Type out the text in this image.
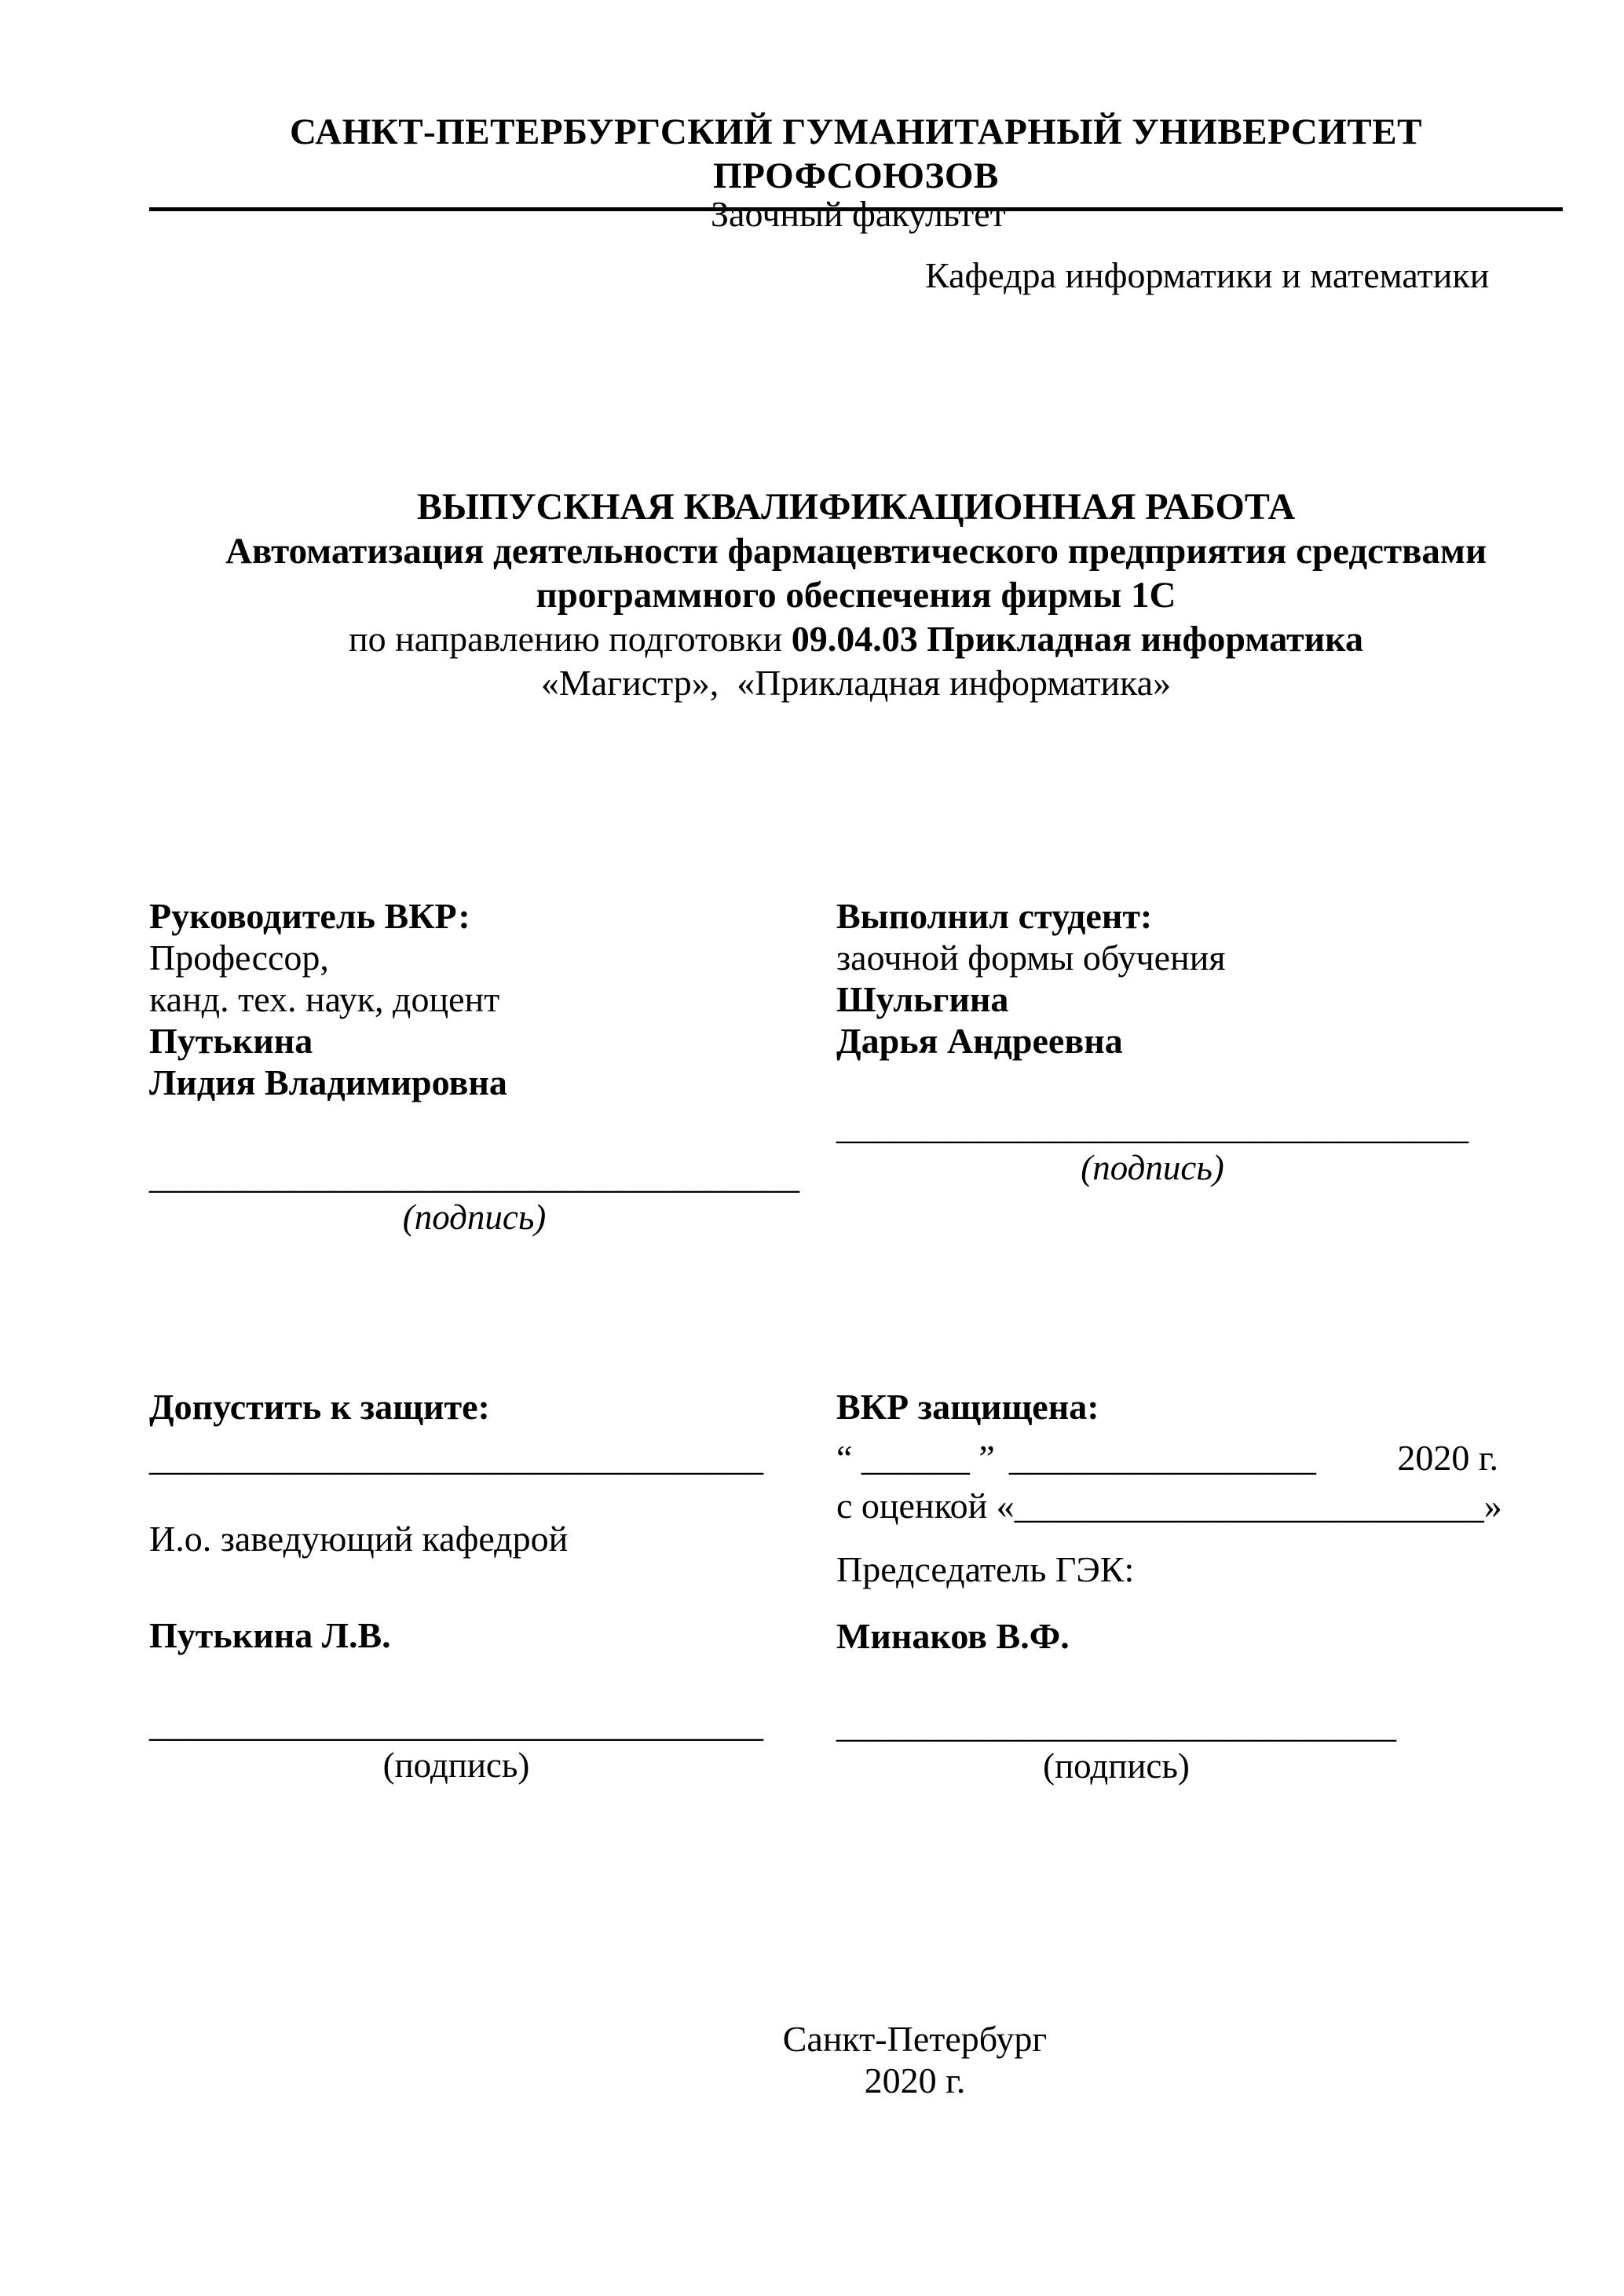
САНКТ-ПЕТЕРБУРГСКИЙ ГУМАНИТАРНЫЙ УНИВЕРСИТЕТ ПРОФСОЮЗОВ
Заочный факультет
Кафедра информатики и математики
ВЫПУСКНАЯ КВАЛИФИКАЦИОННАЯ РАБОТА
Автоматизация деятельности фармацевтического предприятия средствами
программного обеспечения фирмы 1С
по направлению подготовки 09.04.03 Прикладная информатика
«Магистр»,  «Прикладная информатика»
Руководитель ВКР:
Профессор,
канд. тех. наук, доцент
Путькина
Лидия Владимировна
____________________________________
(подпись)
Выполнил студент:
заочной формы обучения
Шульгина
Дарья Андреевна
___________________________________
(подпись)
Допустить к защите:
__________________________________
И.о. заведующий кафедрой
Путькина Л.В.
__________________________________
(подпись)
ВКР защищена:
“ ______ ” _________________ 2020 г.
с оценкой «__________________________»
Председатель ГЭК:
Минаков В.Ф.
_______________________________
(подпись)
Санкт-Петербург
2020 г.
